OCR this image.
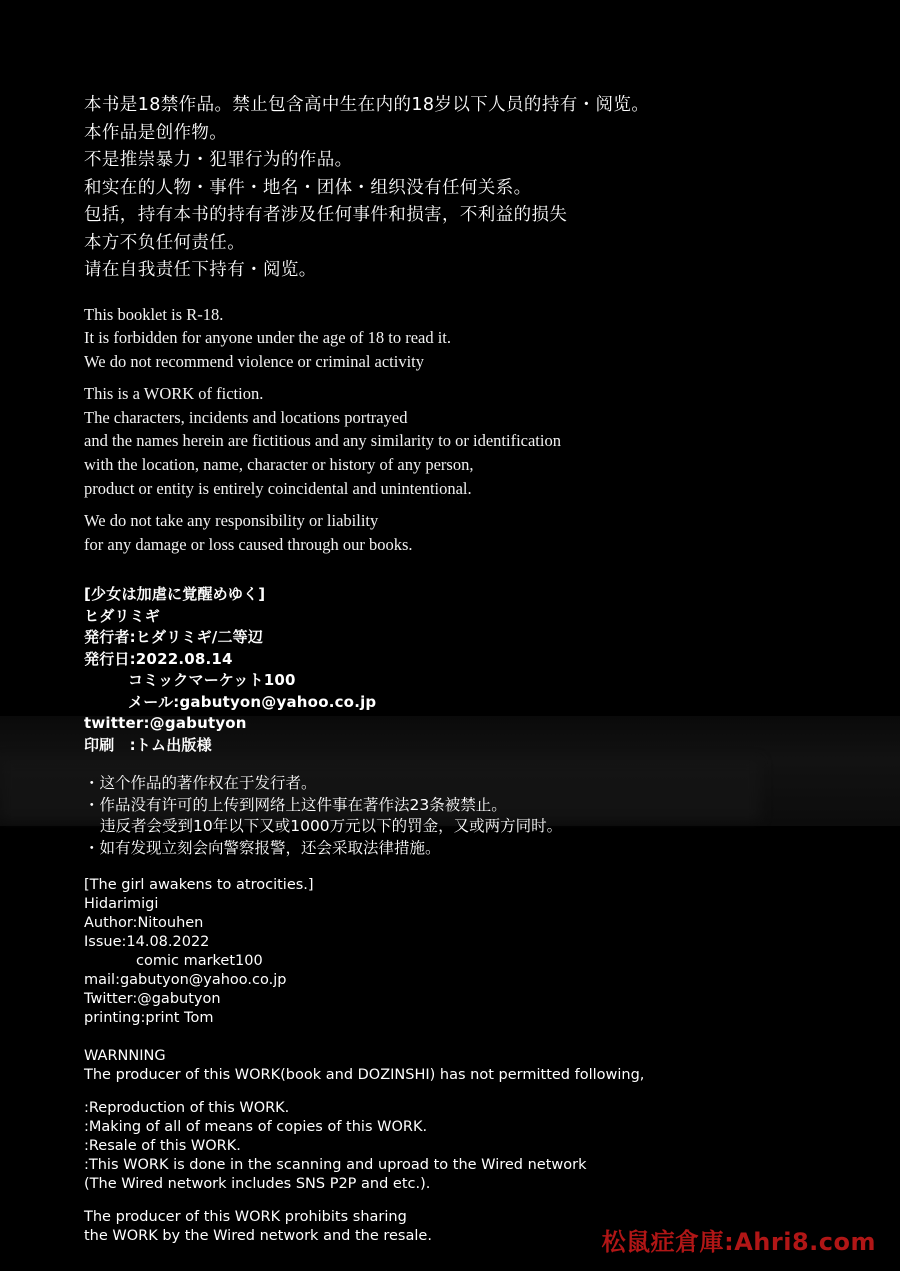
本书是18禁作品。禁止包含高中生在内的18岁以下人员的持有・阅览。
本作品是创作物。
不是推崇暴力・犯罪行为的作品。
和实在的人物・事件・地名・团体・组织没有任何关系。
包括，持有本书的持有者涉及任何事件和损害，不利益的损失
本方不负任何责任。
请在自我责任下持有・阅览。
This booklet is R-18.
It is forbidden for anyone under the age of 18 to read it.
We do not recommend violence or criminal activity
This is a WORK of fiction.
The characters, incidents and locations portrayed
and the names herein are fictitious and any similarity to or identification
with the location, name, character or history of any person,
product or entity is entirely coincidental and unintentional.
We do not take any responsibility or liability
for any damage or loss caused through our books.
[少女は加虐に覚醒めゆく]
ヒダリミギ
発行者:ヒダリミギ/二等辺
発行日:2022.08.14
コミックマーケット100
メール:gabutyon@yahoo.co.jp
twitter:@gabutyon
印刷　:トム出版様
・这个作品的著作权在于发行者。
・作品没有许可的上传到网络上这件事在著作法23条被禁止。
违反者会受到10年以下又或1000万元以下的罚金，又或两方同时。
・如有发现立刻会向警察报警，还会采取法律措施。
[The girl awakens to atrocities.]
Hidarimigi
Author:Nitouhen
Issue:14.08.2022
comic market100
mail:gabutyon@yahoo.co.jp
Twitter:@gabutyon
printing:print Tom
WARNNING
The producer of this WORK(book and DOZINSHI) has not permitted following,
:Reproduction of this WORK.
:Making of all of means of copies of this WORK.
:Resale of this WORK.
:This WORK is done in the scanning and uproad to the Wired network
(The Wired network includes SNS P2P and etc.).
The producer of this WORK prohibits sharing
the WORK by the Wired network and the resale.	松鼠症倉庫:Ahri8.com
